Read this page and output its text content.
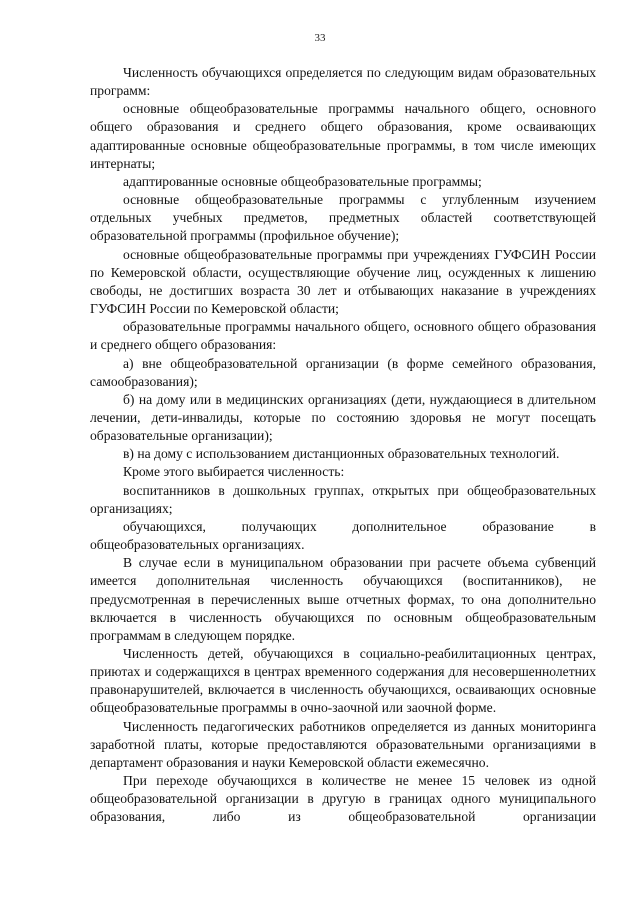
33

Численность обучающихся определяется по следующим видам образовательных программ:

основные общеобразовательные программы начального общего, основного общего образования и среднего общего образования, кроме осваивающих адаптированные основные общеобразовательные программы, в том числе имеющих интернаты;

адаптированные основные общеобразовательные программы;

основные общеобразовательные программы с углубленным изучением отдельных учебных предметов, предметных областей соответствующей образовательной программы (профильное обучение);

основные общеобразовательные программы при учреждениях ГУФСИН России по Кемеровской области, осуществляющие обучение лиц, осужденных к лишению свободы, не достигших возраста 30 лет и отбывающих наказание в учреждениях ГУФСИН России по Кемеровской области;

образовательные программы начального общего, основного общего образования и среднего общего образования:

а) вне общеобразовательной организации (в форме семейного образования, самообразования);

б) на дому или в медицинских организациях (дети, нуждающиеся в длительном лечении, дети-инвалиды, которые по состоянию здоровья не могут посещать образовательные организации);

в) на дому с использованием дистанционных образовательных технологий.

Кроме этого выбирается численность:

воспитанников в дошкольных группах, открытых при общеобразовательных организациях;

обучающихся, получающих дополнительное образование в общеобразовательных организациях.

В случае если в муниципальном образовании при расчете объема субвенций имеется дополнительная численность обучающихся (воспитанников), не предусмотренная в перечисленных выше отчетных формах, то она дополнительно включается в численность обучающихся по основным общеобразовательным программам в следующем порядке.

Численность детей, обучающихся в социально-реабилитационных центрах, приютах и содержащихся в центрах временного содержания для несовершеннолетних правонарушителей, включается в численность обучающихся, осваивающих основные общеобразовательные программы в очно-заочной или заочной форме.

Численность педагогических работников определяется из данных мониторинга заработной платы, которые предоставляются образовательными организациями в департамент образования и науки Кемеровской области ежемесячно.

При переходе обучающихся в количестве не менее 15 человек из одной общеобразовательной организации в другую в границах одного муниципального образования, либо из общеобразовательной организации
